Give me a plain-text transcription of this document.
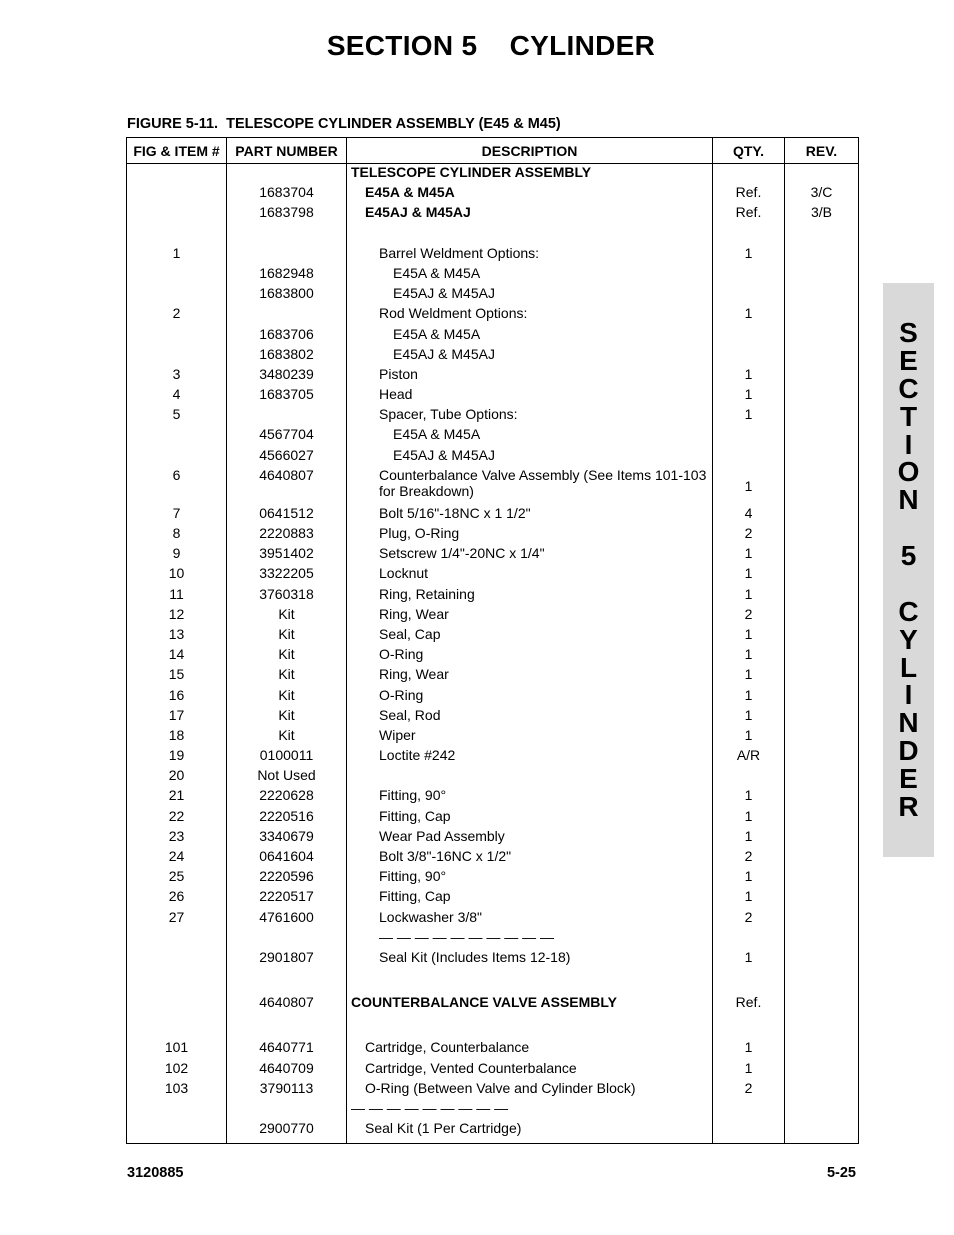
SECTION 5    CYLINDER
FIGURE 5-11.  TELESCOPE CYLINDER ASSEMBLY (E45 & M45)
FIG & ITEM #	PART NUMBER	DESCRIPTION	QTY.	REV.
		TELESCOPE CYLINDER ASSEMBLY		
	1683704	E45A & M45A	Ref.	3/C
	1683798	E45AJ & M45AJ	Ref.	3/B

1		Barrel Weldment Options:	1	
	1682948	E45A & M45A		
	1683800	E45AJ & M45AJ		
2		Rod Weldment Options:	1	
	1683706	E45A & M45A		
	1683802	E45AJ & M45AJ		
3	3480239	Piston	1	
4	1683705	Head	1	
5		Spacer, Tube Options:	1	
	4567704	E45A & M45A		
	4566027	E45AJ & M45AJ		
6	4640807	Counterbalance Valve Assembly (See Items 101-103 for Breakdown)	1	
7	0641512	Bolt 5/16"-18NC x 1 1/2"	4	
8	2220883	Plug, O-Ring	2	
9	3951402	Setscrew 1/4"-20NC x 1/4"	1	
10	3322205	Locknut	1	
11	3760318	Ring, Retaining	1	
12	Kit	Ring, Wear	2	
13	Kit	Seal, Cap	1	
14	Kit	O-Ring	1	
15	Kit	Ring, Wear	1	
16	Kit	O-Ring	1	
17	Kit	Seal, Rod	1	
18	Kit	Wiper	1	
19	0100011	Loctite #242	A/R	
20	Not Used			
21	2220628	Fitting, 90°	1	
22	2220516	Fitting, Cap	1	
23	3340679	Wear Pad Assembly	1	
24	0641604	Bolt 3/8"-16NC x 1/2"	2	
25	2220596	Fitting, 90°	1	
26	2220517	Fitting, Cap	1	
27	4761600	Lockwasher 3/8"	2	
		— — — — — — — — — —		
	2901807	Seal Kit (Includes Items 12-18)	1	

	4640807	COUNTERBALANCE VALVE ASSEMBLY	Ref.	

101	4640771	Cartridge, Counterbalance	1	
102	4640709	Cartridge, Vented Counterbalance	1	
103	3790113	O-Ring (Between Valve and Cylinder Block)	2	
		— — — — — — — — —		
	2900770	Seal Kit (1 Per Cartridge)		
3120885	5-25
S
E
C
T
I
O
N
5
C
Y
L
I
N
D
E
R
